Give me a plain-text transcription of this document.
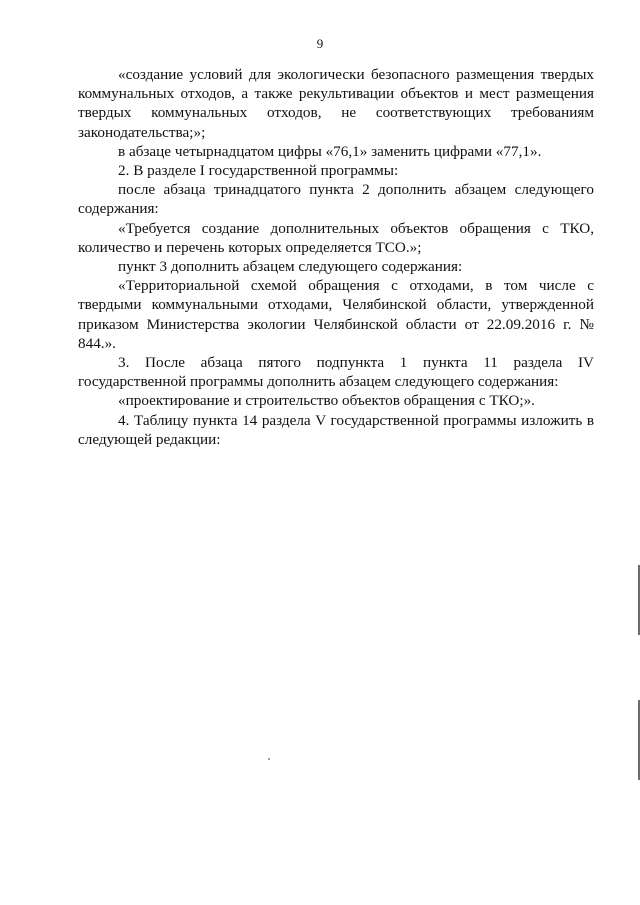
9

«создание условий для экологически безопасного размещения твердых коммунальных отходов, а также рекультивации объектов и мест размещения твердых коммунальных отходов, не соответствующих требованиям законодательства;»;

в абзаце четырнадцатом цифры «76,1» заменить цифрами «77,1».

2. В разделе I государственной программы:

после абзаца тринадцатого пункта 2 дополнить абзацем следующего содержания:

«Требуется создание дополнительных объектов обращения с ТКО, количество и перечень которых определяется ТСО.»;

пункт 3 дополнить абзацем следующего содержания:

«Территориальной схемой обращения с отходами, в том числе с твердыми коммунальными отходами, Челябинской области, утвержденной приказом Министерства экологии Челябинской области от 22.09.2016 г. № 844.».

3. После абзаца пятого подпункта 1 пункта 11 раздела IV государственной программы дополнить абзацем следующего содержания:

«проектирование и строительство объектов обращения с ТКО;».

4. Таблицу пункта 14 раздела V государственной программы изложить в следующей редакции:
